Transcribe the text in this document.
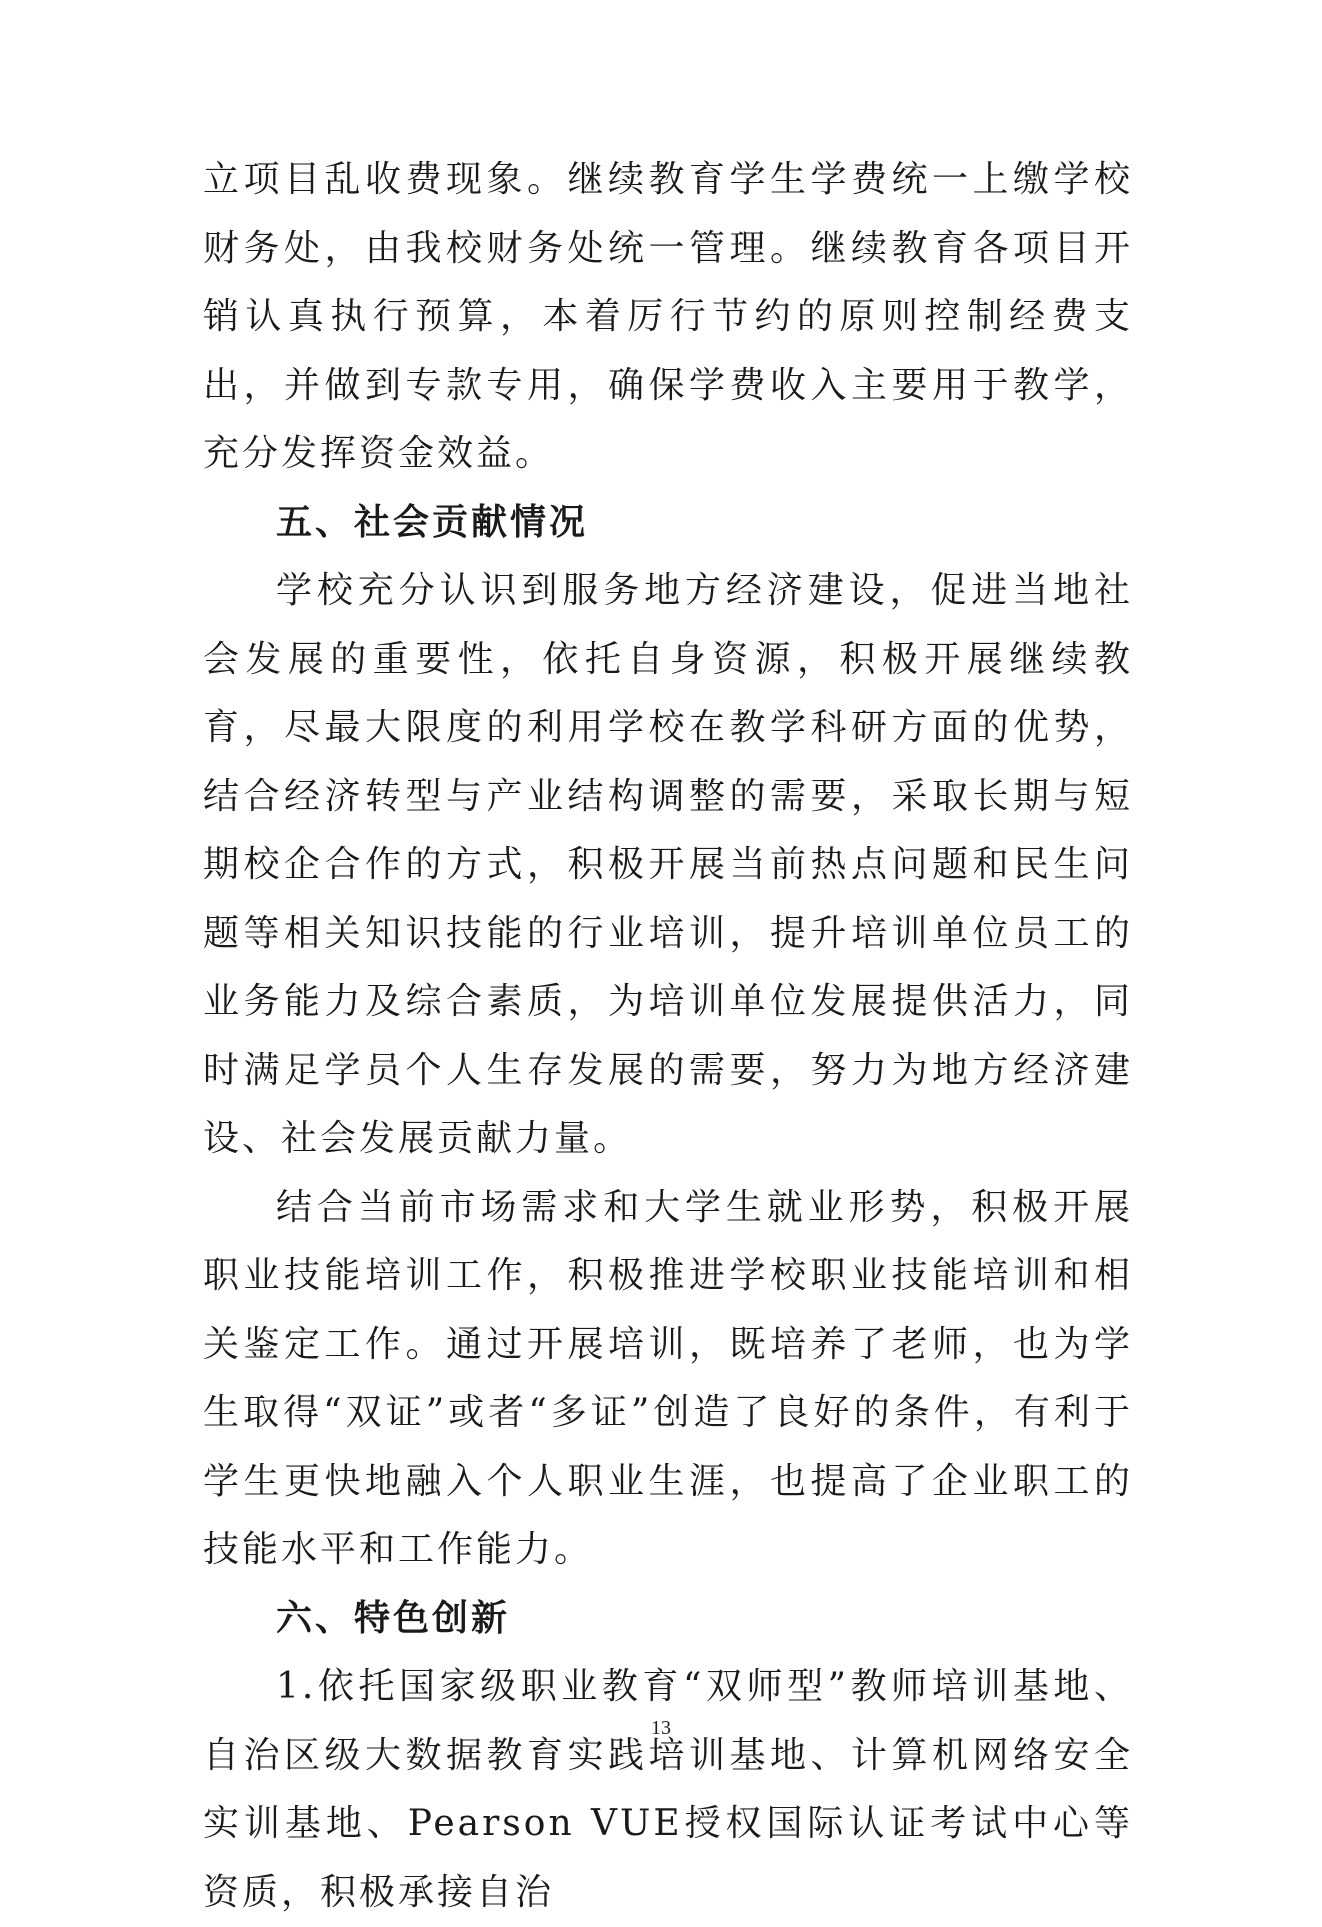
立项目乱收费现象。继续教育学生学费统一上缴学校财务处，由我校财务处统一管理。继续教育各项目开销认真执行预算，本着厉行节约的原则控制经费支出，并做到专款专用，确保学费收入主要用于教学，充分发挥资金效益。

五、社会贡献情况

学校充分认识到服务地方经济建设，促进当地社会发展的重要性，依托自身资源，积极开展继续教育，尽最大限度的利用学校在教学科研方面的优势，结合经济转型与产业结构调整的需要，采取长期与短期校企合作的方式，积极开展当前热点问题和民生问题等相关知识技能的行业培训，提升培训单位员工的业务能力及综合素质，为培训单位发展提供活力，同时满足学员个人生存发展的需要，努力为地方经济建设、社会发展贡献力量。

结合当前市场需求和大学生就业形势，积极开展职业技能培训工作，积极推进学校职业技能培训和相关鉴定工作。通过开展培训，既培养了老师，也为学生取得“双证”或者“多证”创造了良好的条件，有利于学生更快地融入个人职业生涯，也提高了企业职工的技能水平和工作能力。

六、特色创新

1.依托国家级职业教育“双师型”教师培训基地、自治区级大数据教育实践培训基地、计算机网络安全实训基地、Pearson VUE授权国际认证考试中心等资质，积极承接自治

13
